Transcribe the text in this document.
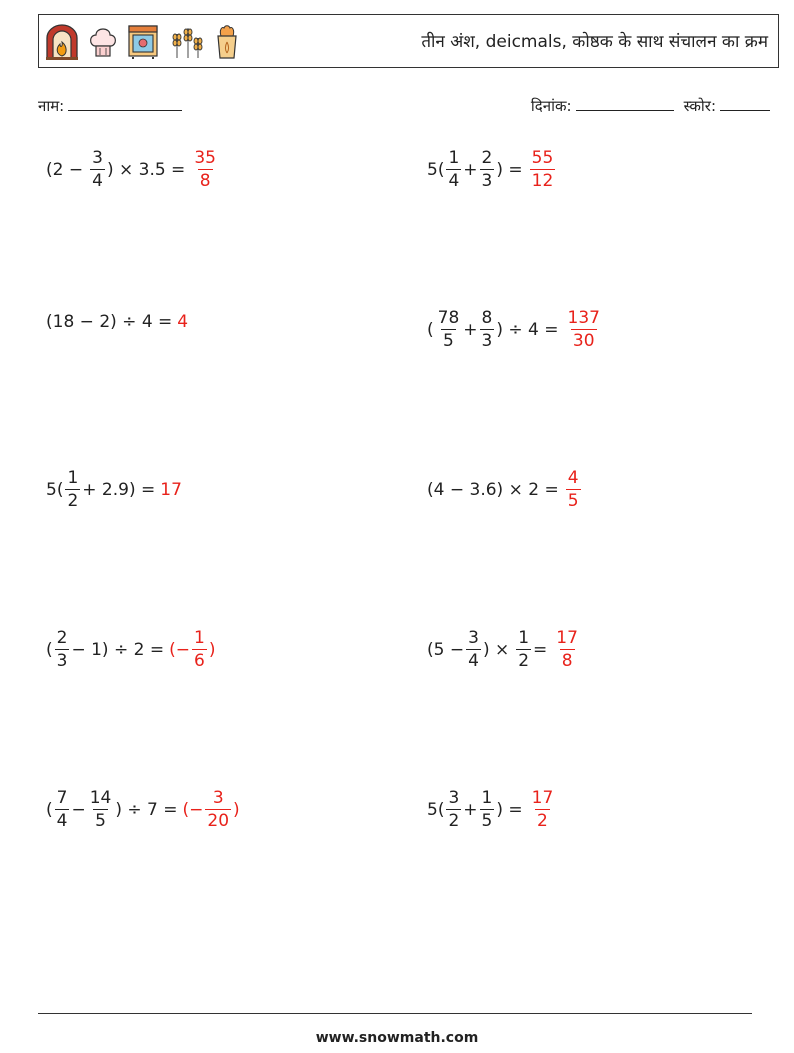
तीन अंश, deicmals, कोष्ठक के साथ संचालन का क्रम
नाम:	दिनांक:	स्कोर:
($2 - \frac{3}{4}$ ) × $3.5 = \frac{35}{8}$	$5( \frac{1}{4} + \frac{2}{3}$ ) = $\frac{55}{12}$
(18 − 2) ÷ 4 = 4	( $\frac{78}{5} + \frac{8}{3}$ ) ÷ $4 = \frac{137}{30}$
$5( \frac{1}{2} + 2.9) = 17$	$(4 - 3.6) \times 2 = \frac{4}{5}$
( $\frac{2}{3} - 1) \div 2$ = (− $\frac{1}{6}$ )	($5 - \frac{3}{4}$ ) × $\frac{1}{2} = \frac{17}{8}$
( $\frac{7}{4} - \frac{14}{5}$ ) ÷ 7 = (− $\frac{3}{20}$ )	$5( \frac{3}{2} + \frac{1}{5}$ ) = $\frac{17}{2}$
www.snowmath.com
